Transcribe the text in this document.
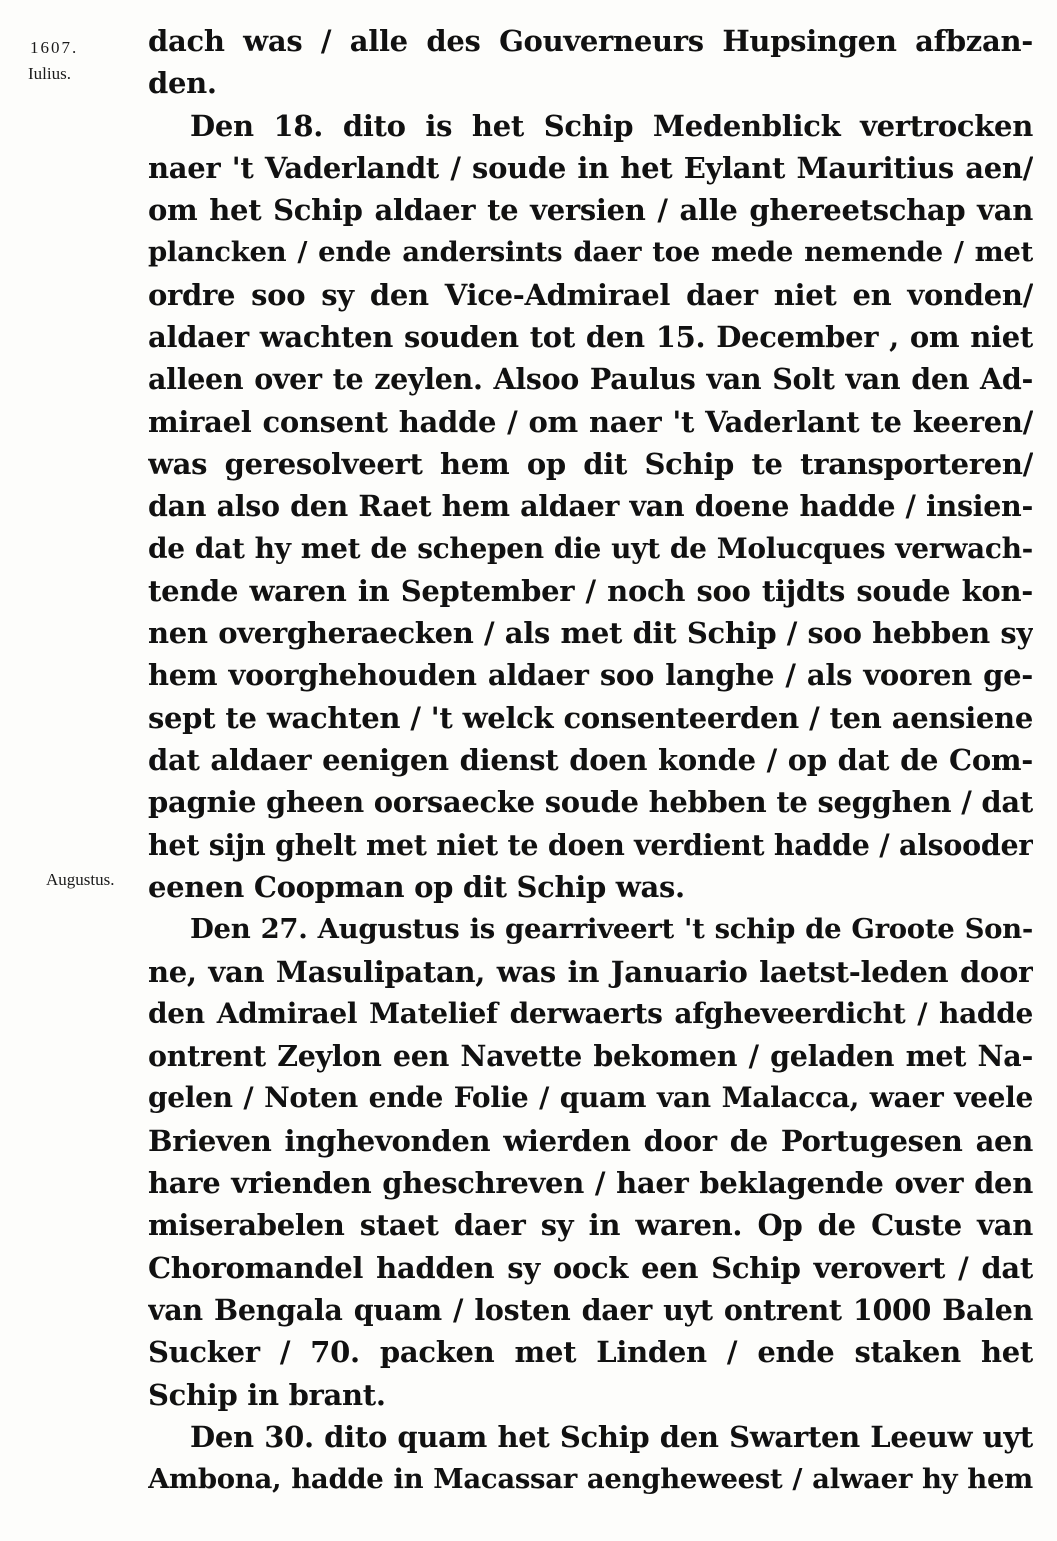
1607.
Iulius.
Augustus.
dach was / alle des Gouverneurs Hupsingen afbzan-
den.
Den 18. dito is het Schip Medenblick vertrocken
naer 't Vaderlandt / soude in het Eylant Mauritius aen/
om het Schip aldaer te versien / alle ghereetschap van
plancken / ende andersints daer toe mede nemende / met
ordre soo sy den Vice-Admirael daer niet en vonden/
aldaer wachten souden tot den 15. December , om niet
alleen over te zeylen. Alsoo Paulus van Solt van den Ad-
mirael consent hadde / om naer 't Vaderlant te keeren/
was geresolveert hem op dit Schip te transporteren/
dan also den Raet hem aldaer van doene hadde / insien-
de dat hy met de schepen die uyt de Molucques verwach-
tende waren in September / noch soo tijdts soude kon-
nen overgheraecken / als met dit Schip / soo hebben sy
hem voorghehouden aldaer soo langhe / als vooren ge-
sept te wachten / 't welck consenteerden / ten aensiene
dat aldaer eenigen dienst doen konde / op dat de Com-
pagnie gheen oorsaecke soude hebben te segghen / dat
het sijn ghelt met niet te doen verdient hadde / alsooder
eenen Coopman op dit Schip was.
Den 27. Augustus is gearriveert 't schip de Groote Son-
ne, van Masulipatan, was in Januario laetst-leden door
den Admirael Matelief derwaerts afgheveerdicht / hadde
ontrent Zeylon een Navette bekomen / geladen met Na-
gelen / Noten ende Folie / quam van Malacca, waer veele
Brieven inghevonden wierden door de Portugesen aen
hare vrienden gheschreven / haer beklagende over den
miserabelen staet daer sy in waren. Op de Custe van
Choromandel hadden sy oock een Schip verovert / dat
van Bengala quam / losten daer uyt ontrent 1000 Balen
Sucker / 70. packen met Linden / ende staken het
Schip in brant.
Den 30. dito quam het Schip den Swarten Leeuw uyt
Ambona, hadde in Macassar aengheweest / alwaer hy hem
